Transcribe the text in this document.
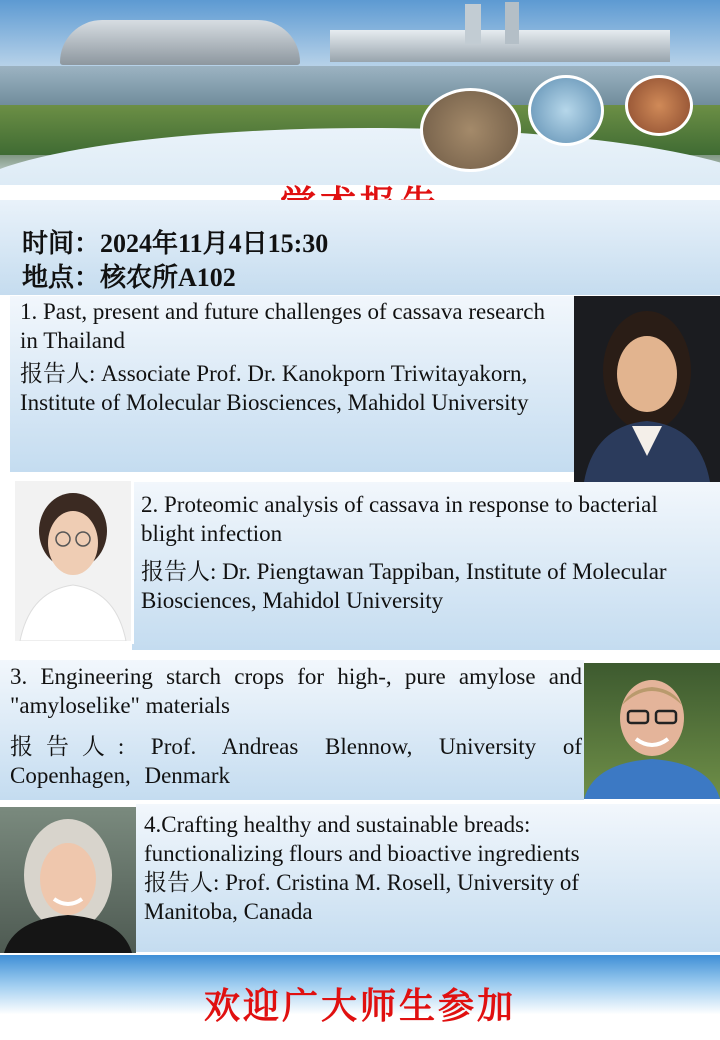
时间：2024年11月4日15:30
地点：核农所A102

1. Past, present and future challenges of cassava research in Thailand

报告人: Associate Prof. Dr. Kanokporn Triwitayakorn, Institute of Molecular Biosciences, Mahidol University

2. Proteomic analysis of cassava in response to bacterial blight infection

报告人: Dr. Piengtawan Tappiban, Institute of Molecular Biosciences, Mahidol University

3. Engineering starch crops for high-, pure amylose and "amyloselike" materials

报告人: Prof. Andreas Blennow, University of Copenhagen, Denmark

4.Crafting healthy and sustainable breads: functionalizing flours and bioactive ingredients

报告人: Prof. Cristina M. Rosell, University of Manitoba, Canada

欢迎广大师生参加
